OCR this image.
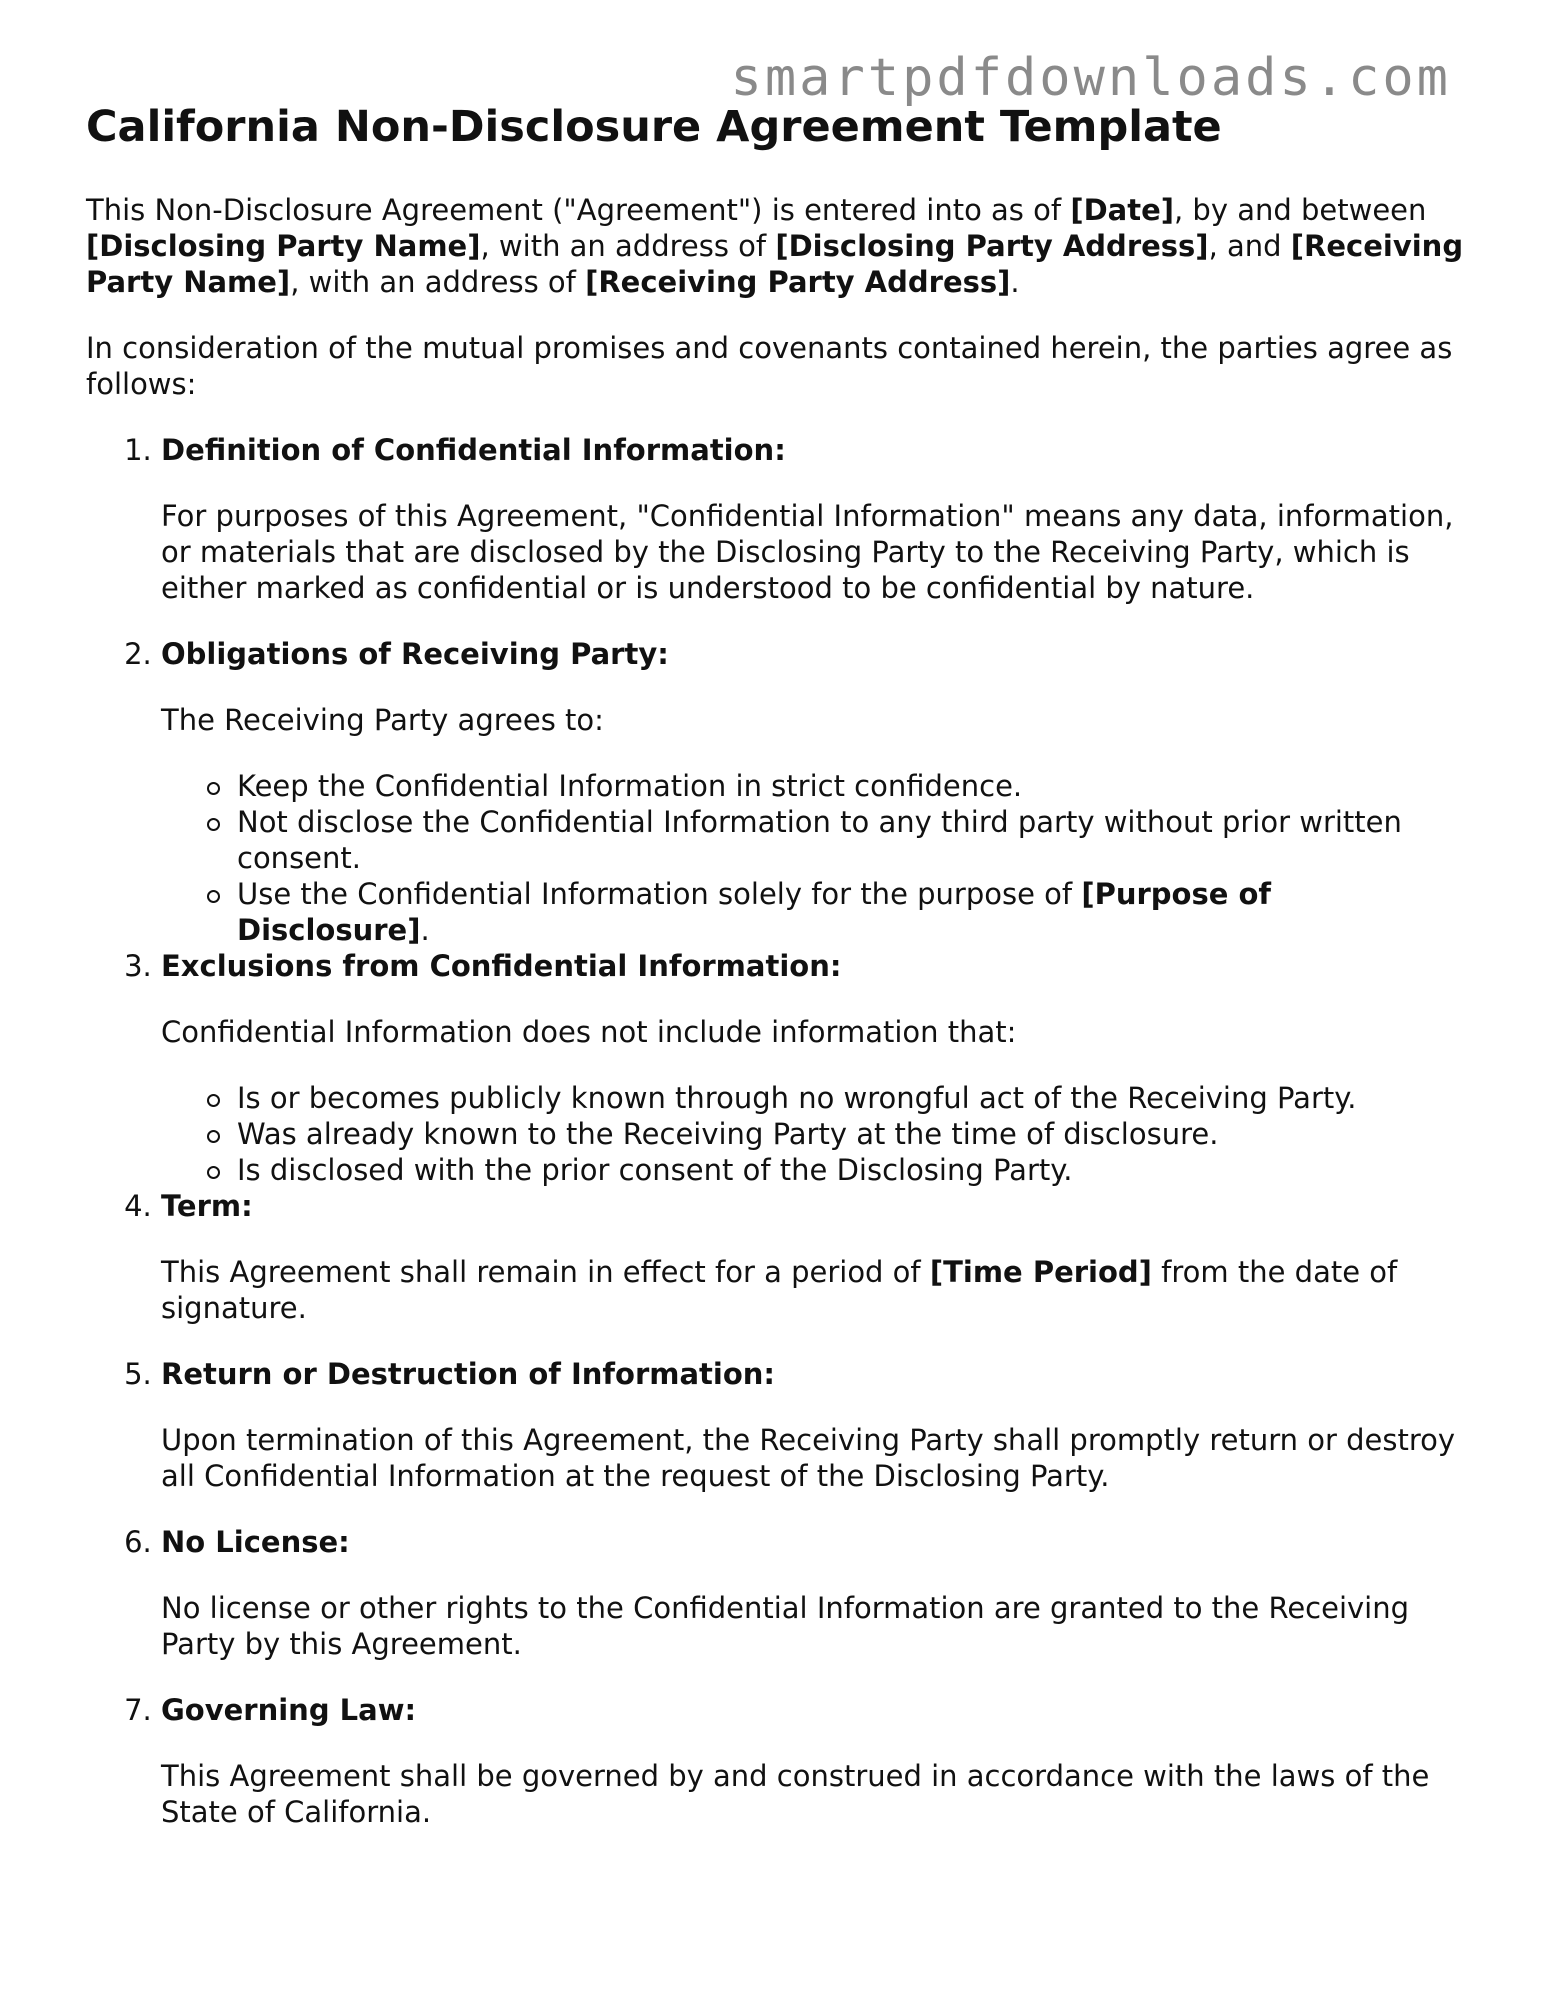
smartpdfdownloads.com
California Non-Disclosure Agreement Template

This Non-Disclosure Agreement ("Agreement") is entered into as of [Date], by and between [Disclosing Party Name], with an address of [Disclosing Party Address], and [Receiving Party Name], with an address of [Receiving Party Address].

In consideration of the mutual promises and covenants contained herein, the parties agree as follows:

1. Definition of Confidential Information:

For purposes of this Agreement, "Confidential Information" means any data, information, or materials that are disclosed by the Disclosing Party to the Receiving Party, which is either marked as confidential or is understood to be confidential by nature.

2. Obligations of Receiving Party:

The Receiving Party agrees to:

Keep the Confidential Information in strict confidence.
Not disclose the Confidential Information to any third party without prior written consent.
Use the Confidential Information solely for the purpose of [Purpose of Disclosure].
3. Exclusions from Confidential Information:

Confidential Information does not include information that:

Is or becomes publicly known through no wrongful act of the Receiving Party.
Was already known to the Receiving Party at the time of disclosure.
Is disclosed with the prior consent of the Disclosing Party.
4. Term:

This Agreement shall remain in effect for a period of [Time Period] from the date of signature.

5. Return or Destruction of Information:

Upon termination of this Agreement, the Receiving Party shall promptly return or destroy all Confidential Information at the request of the Disclosing Party.

6. No License:

No license or other rights to the Confidential Information are granted to the Receiving Party by this Agreement.

7. Governing Law:

This Agreement shall be governed by and construed in accordance with the laws of the State of California.
